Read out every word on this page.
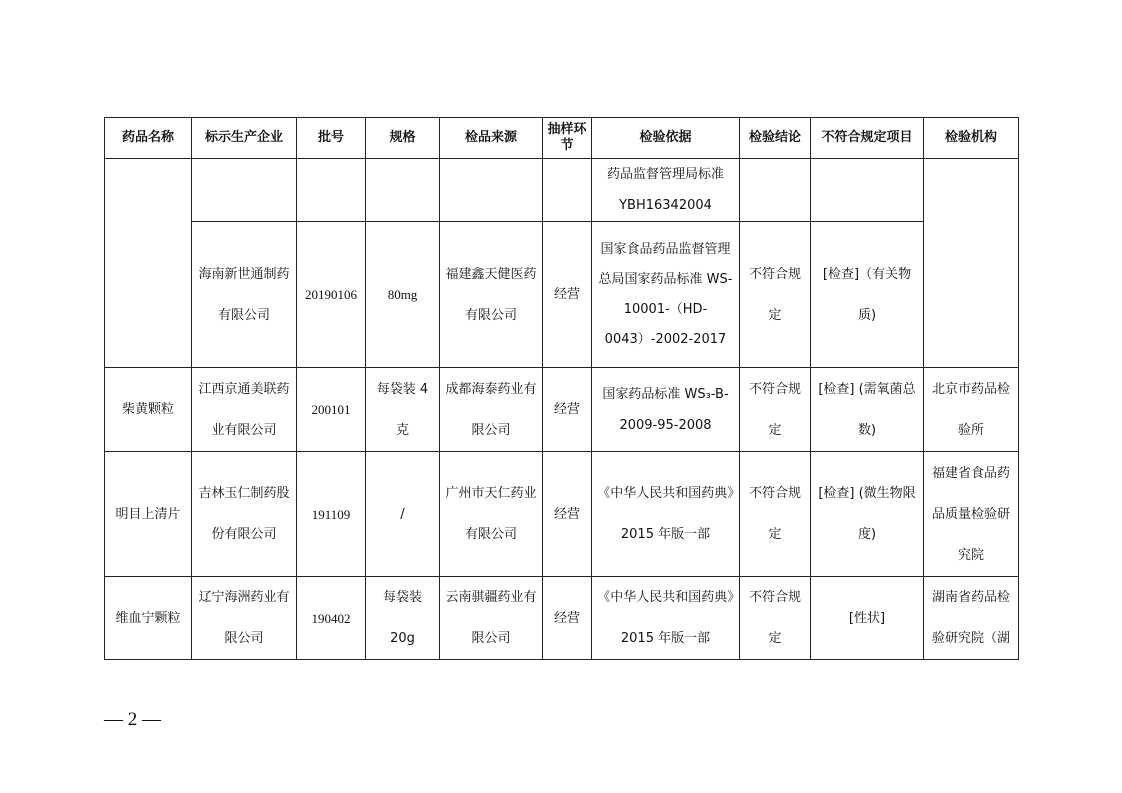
药品名称	标示生产企业	批号	规格	检品来源	抽样环节	检验依据	检验结论	不符合规定项目	检验机构
						药品监督管理局标准 YBH16342004			
	海南新世通制药有限公司	20190106	80mg	福建鑫天健医药有限公司	经营	国家食品药品监督管理总局国家药品标准 WS-10001-（HD-0043）-2002-2017	不符合规定	[检查]（有关物质)	
柴黄颗粒	江西京通美联药业有限公司	200101	每袋装 4 克	成都海泰药业有限公司	经营	国家药品标准 WS₃-B-2009-95-2008	不符合规定	[检查] (需氧菌总数)	北京市药品检验所
明目上清片	吉林玉仁制药股份有限公司	191109	/	广州市天仁药业有限公司	经营	《中华人民共和国药典》2015 年版一部	不符合规定	[检查] (微生物限度)	福建省食品药品质量检验研究院
维血宁颗粒	辽宁海洲药业有限公司	190402	每袋装 20g	云南骐疆药业有限公司	经营	《中华人民共和国药典》2015 年版一部	不符合规定	[性状]	湖南省药品检验研究院（湖
— 2 —
